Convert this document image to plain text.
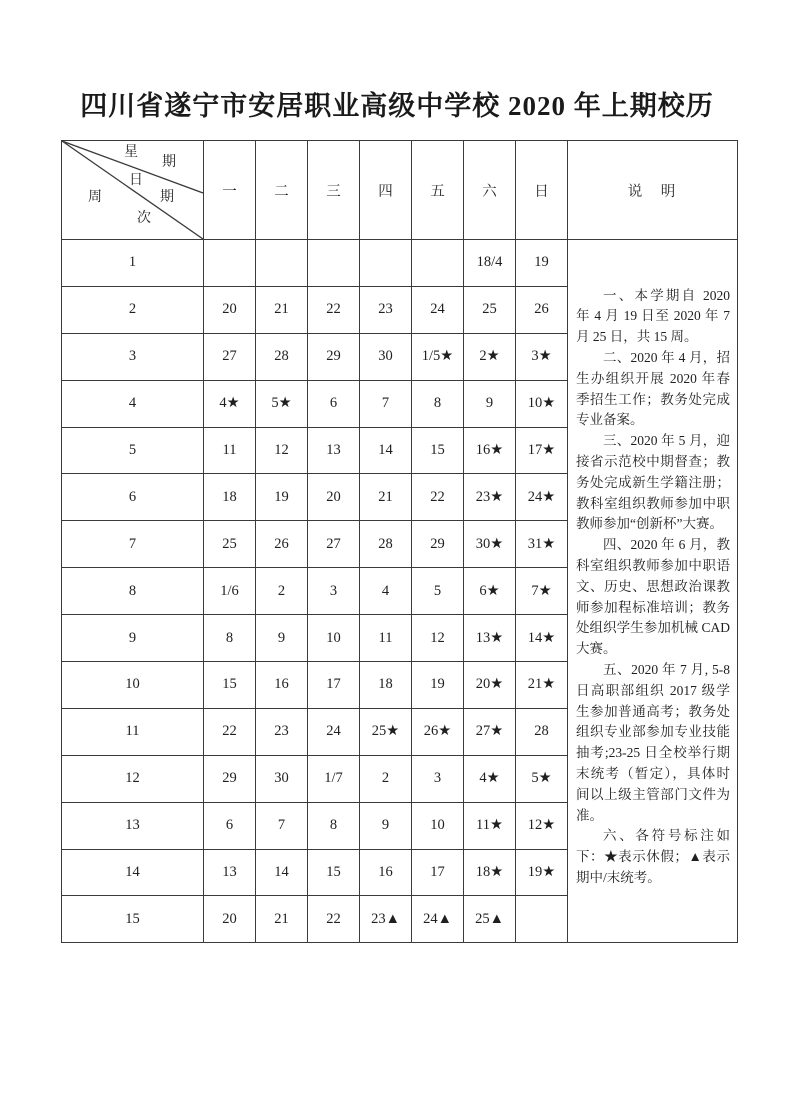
四川省遂宁市安居职业高级中学校 2020 年上期校历
星
期
日
期
周
次
	一	二	三	四	五	六	日	说　明
1						18/4	19	

一、本学期自 2020 年 4 月 19 日至 2020 年 7 月 25 日，共 15 周。

二、2020 年 4 月，招生办组织开展 2020 年春季招生工作；教务处完成专业备案。

三、2020 年 5 月，迎接省示范校中期督查；教务处完成新生学籍注册；教科室组织教师参加中职教师参加“创新杯”大赛。

四、2020 年 6 月，教科室组织教师参加中职语文、历史、思想政治课教师参加程标准培训；教务处组织学生参加机械 CAD 大赛。

五、2020 年 7 月, 5-8 日高职部组织 2017 级学生参加普通高考；教务处组织专业部参加专业技能抽考;23-25 日全校举行期末统考（暂定），具体时间以上级主管部门文件为准。

六、各符号标注如下：★表示休假；▲表示期中/末统考。

2	20	21	22	23	24	25	26	
3	27	28	29	30	1/5★	2★	3★	
4	4★	5★	6	7	8	9	10★	
5	11	12	13	14	15	16★	17★	
6	18	19	20	21	22	23★	24★	
7	25	26	27	28	29	30★	31★	
8	1/6	2	3	4	5	6★	7★	
9	8	9	10	11	12	13★	14★	
10	15	16	17	18	19	20★	21★	
11	22	23	24	25★	26★	27★	28	
12	29	30	1/7	2	3	4★	5★	
13	6	7	8	9	10	11★	12★	
14	13	14	15	16	17	18★	19★	
15	20	21	22	23▲	24▲	25▲		
